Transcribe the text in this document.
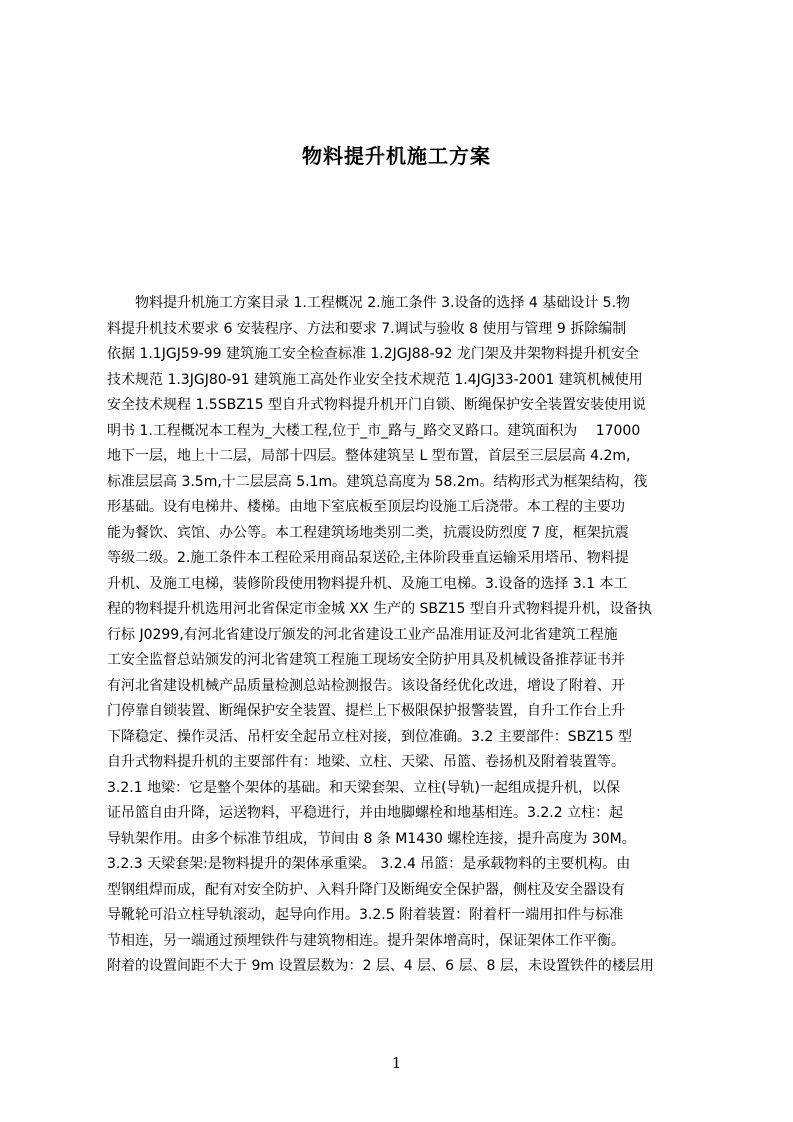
物料提升机施工方案
　　物料提升机施工方案目录 1.工程概况 2.施工条件 3.设备的选择 4 基础设计 5.物
料提升机技术要求 6 安装程序、方法和要求 7.调试与验收 8 使用与管理 9 拆除编制
依据 1.1JGJ59-99 建筑施工安全检查标准 1.2JGJ88-92 龙门架及井架物料提升机安全
技术规范 1.3JGJ80-91 建筑施工高处作业安全技术规范 1.4JGJ33-2001 建筑机械使用
安全技术规程 1.5SBZ15 型自升式物料提升机开门自锁、断绳保护安全装置安装使用说
明书 1.工程概况本工程为_大楼工程,位于_市_路与_路交叉路口。建筑面积为　 17000
地下一层，地上十二层，局部十四层。整体建筑呈 L 型布置，首层至三层层高 4.2m,
标准层层高 3.5m,十二层层高 5.1m。建筑总高度为 58.2m。结构形式为框架结构，筏
形基础。设有电梯井、楼梯。由地下室底板至顶层均设施工后浇带。本工程的主要功
能为餐饮、宾馆、办公等。本工程建筑场地类别二类，抗震设防烈度 7 度，框架抗震
等级二级。2.施工条件本工程砼采用商品泵送砼,主体阶段垂直运输采用塔吊、物料提
升机、及施工电梯，装修阶段使用物料提升机、及施工电梯。3.设备的选择 3.1 本工
程的物料提升机选用河北省保定市金城 XX 生产的 SBZ15 型自升式物料提升机，设备执
行标 J0299,有河北省建设厅颁发的河北省建设工业产品准用证及河北省建筑工程施
工安全监督总站颁发的河北省建筑工程施工现场安全防护用具及机械设备推荐证书并
有河北省建设机械产品质量检测总站检测报告。该设备经优化改进，增设了附着、开
门停靠自锁装置、断绳保护安全装置、提栏上下极限保护报警装置，自升工作台上升
下降稳定、操作灵活、吊杆安全起吊立柱对接，到位准确。3.2 主要部件：SBZ15 型
自升式物料提升机的主要部件有：地梁、立柱、天梁、吊篮、卷扬机及附着装置等。
3.2.1 地梁：它是整个架体的基础。和天梁套架、立柱(导轨)一起组成提升机，以保
证吊篮自由升降，运送物料，平稳进行，并由地脚螺栓和地基相连。3.2.2 立柱：起
导轨架作用。由多个标准节组成，节间由 8 条 M1430 螺栓连接，提升高度为 30M。
3.2.3 天梁套架:是物料提升的架体承重梁。 3.2.4 吊篮：是承载物料的主要机构。由
型钢组焊而成，配有对安全防护、入料升降门及断绳安全保护器，侧柱及安全器设有
导靴轮可沿立柱导轨滚动，起导向作用。3.2.5 附着装置：附着杆一端用扣件与标准
节相连，另一端通过预埋铁件与建筑物相连。提升架体增高时，保证架体工作平衡。
附着的设置间距不大于 9m 设置层数为：2 层、4 层、6 层、8 层，未设置铁件的楼层用
1
